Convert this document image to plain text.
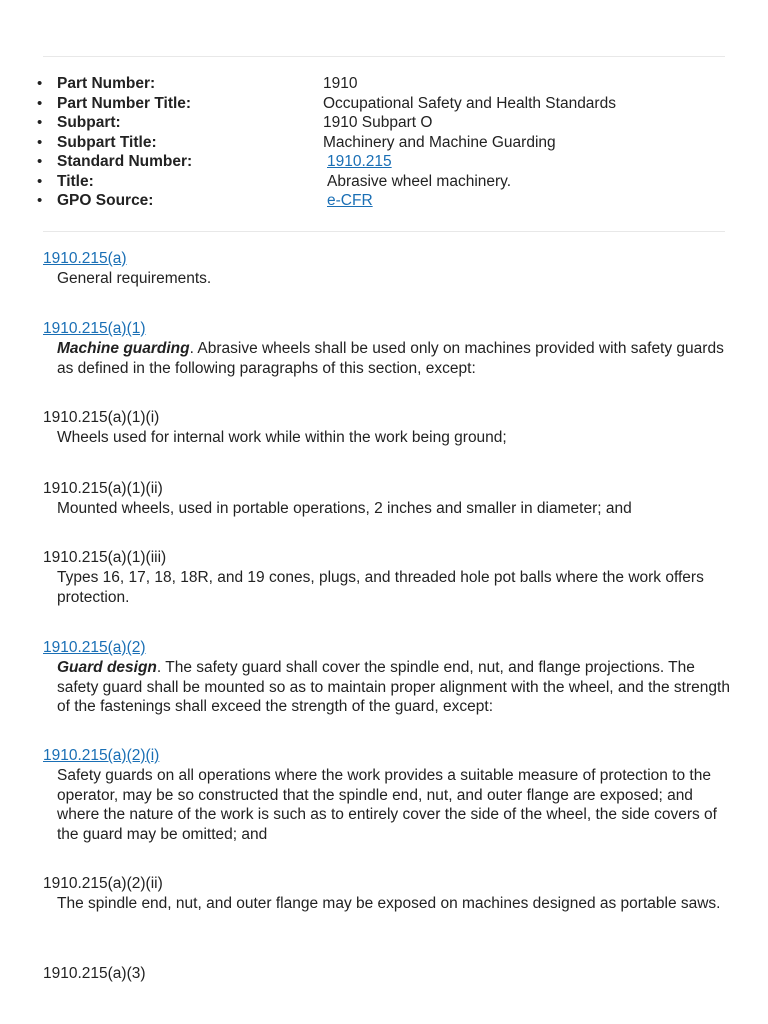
• Part Number:	1910
• Part Number Title:	Occupational Safety and Health Standards
• Subpart:	1910 Subpart O
• Subpart Title:	Machinery and Machine Guarding
• Standard Number:	1910.215
• Title:	Abrasive wheel machinery.
• GPO Source:	e-CFR
1910.215(a)
General requirements.
1910.215(a)(1)
Machine guarding. Abrasive wheels shall be used only on machines provided with safety guards as defined in the following paragraphs of this section, except:
1910.215(a)(1)(i)
Wheels used for internal work while within the work being ground;
1910.215(a)(1)(ii)
Mounted wheels, used in portable operations, 2 inches and smaller in diameter; and
1910.215(a)(1)(iii)
Types 16, 17, 18, 18R, and 19 cones, plugs, and threaded hole pot balls where the work offers protection.
1910.215(a)(2)
Guard design. The safety guard shall cover the spindle end, nut, and flange projections. The safety guard shall be mounted so as to maintain proper alignment with the wheel, and the strength of the fastenings shall exceed the strength of the guard, except:
1910.215(a)(2)(i)
Safety guards on all operations where the work provides a suitable measure of protection to the operator, may be so constructed that the spindle end, nut, and outer flange are exposed; and where the nature of the work is such as to entirely cover the side of the wheel, the side covers of the guard may be omitted; and
1910.215(a)(2)(ii)
The spindle end, nut, and outer flange may be exposed on machines designed as portable saws.
1910.215(a)(3)
